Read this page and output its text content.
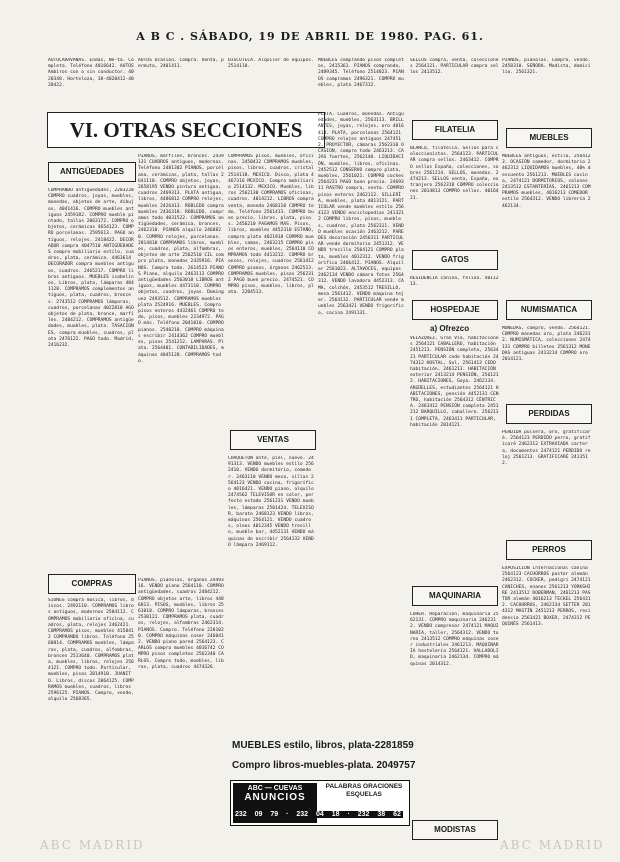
A B C . SÁBADO, 19 DE ABRIL DE 1980. PAG. 61.

AUTOCARAVANAS. Endas, Ne-ta. Completa. Teléfono 4016642. AUTOS Ambiros con o sin conductor. 4020348. Horteloza, 38-4020412-4020422.

AUTOS Ocasión. Compra. Venta, permuta, 2401411.

DISCOTECA. Alquiler de equipos. 2514110.

MUEBLES comprando pisos completos, 2415361. PIANOS comprando, 2489345. Teléfono 2514823. PIANOS compramos 2496321. COMPRO muebles, plata 2467312.

SELLOS compra, venta, colecciones 2564121. PARTICULAR compra sellos 2413512.

PIANOS, pianolas. Compro, vendo. 2458310. SEÑORA. Modista, domicilio. 2561321.

VI. OTRAS SECCIONES
ANTIGÜEDADES

COMPRANDO antigüedades, 2283228 COMPRO cuadros, joyas, muebles, monedas, objetos de arte, dibujos, 4041416. COMPRO muebles antiguos 2459182. COMPRO mueble pintado, tallas 2063172. COMPRO objetos, cerámicas 4654123. COMPRO porcelanas. 2595613. PAGO antiguos, relojes. 2418422. DECORADOR compra 4047510 ANTIGÜEDADES compro mobiliario estilo, cuadros, plata, cerámica. 4463614 DECORADOR compra muebles antiguos, cuadros. 2465217. COMPRO libros antiguos. MUEBLES isabelinos, Libros, plata, lámparas 4041128. COMPRAMOS complementos antiguos, plata, cuadros, bronces. 2743512 COMPRAMOS lámparas, cuadros, porcelanas 4022810 AGO objetos de plata, bronce, marfiles. 2484212. COMPRAMOS antigüedades, muebles, plata. TASACIONES, compra muebles, cuadros, plata 2476122. PAGO todo. Madrid, 2416232.

COMPRAS

SIONES compra música, libros, discos. 2492110. COMPRAMOS libros antiguos, modernos 2504112. COMPRAMOS mobiliario oficina, cuadros, plata, relojes 2462421. COMPRAMOS pisos, muebles 4150412 COMPRANDO libros. Teléfono 2560814. COMPRAMOS muebles, lámparas, plata, cuadros, alfombras, bronces 2513640. COMPRAMOS plata, muebles, libros, relojes 2564121. COMPRO todo. Particular, muebles, pisos 2014910. JUANITO. Libros, discos 2064125. COMPRAMOS muebles, cuadros, libros 2596125. PIANOS. Compro, vendo, alquilo 2568365.

PIANOS, marfiles, bronces. 2439131 CUADROS antiguos, modernos. Teléfono 2481302 PIANOS, porcelana, cerámicas, plata, tallas 2641110. COMPRO objetos, joyas, 2658195 VENDO pintura antigua, cuadros 2469313. PLATA antigua, libros, 4486812 COMPRO relojes, muebles 2426413. ROBLEDO compra muebles 2436318. ROBLEDO, compramos todo 4031522. COMPRAMOS antigüedades, cerámica, bronces, 2462310. PIANOS alquilo 2468820. COMPRO relojes, porcelanas. 2014810 COMPRAMOS libros, muebles, cuadros, plata, alfombras, objetos de arte 2562510 CIL compro plata, monedas 2435916. PIANOS. Compro todo. 2614523 PIANOS Piano, alquilo 2463113 COMPRO antigüedades 2563018 LIBROS antiguos, muebles 4473110. COMPRO objetos, cuadros, joyas. Dominguez 2493512. COMPRAMOS muebles plata 2524916. MUEBLES. Compro pisos enteros 4432461 COMPRO todo, pisos, muebles 2234972. PAGO más. Teléfono 2041010. COMPRO pianos. 2548210. COMPRO máquinas escribir 2414362 COMPRO muebles, pisos 2541212. LAMPARAS. Plata. 2564401. CONTABILIDADES, máquinas 4045128. COMPRAMOS todo.

PIANOS, pianolas, órganos 2449316. VENDO piano 2564110. COMPRO antigüedades, cuadros 2484212. COMPRO objetos arte, libros 4486813. PISOS, muebles, libros 2561018. COMPRO lámparas, bronces 2530121. COMPRAMOS plata, cuadros, relojes, alfombras 2462314. PIANOS. Compro. Teléfono 2201020. COMPRO máquinas coser 2460412. VENDO piano pared 2564123. CARLOS compra muebles 4016742 COMPRO pisos completos 2562340 CARLOS. Compro todo, muebles, libros, plata, cuadros 4474326.

COMPRAMOS pisos, muebles, oficinas. 2450412 COMPRAMOS muebles, pisos, libros, cuadros, cristal 2514118. MEXICO. Disco, plata 4467316 MEXICO. Compro mobiliario 2514132. MEXICO. Muebles, libros 2562130 COMPRAMOS oficinas, cuadros. 4014212. LIBROS compra venta, moneda 2468110 COMPRO todo. Teléfono 2561413. COMPRO buen precio, libros, plata, pisos. 2456210 PAGAMOS MAS. Pisos, libros, muebles 4452310 ESTAÑO, compro plata 4021918 COMPRO muebles, camas, 2463215 COMPRO pisos enteros, muebles, 2564110 COMPRAMOS todo 4413212. COMPRO bronces, relojes, cuadros 2561412 COMPRO pianos, órganos 2462513. COMPRAMOS muebles, pisos 2562312 PAGO buen precio. 2474521. COMPRO pisos, muebles, libros, plata. 2204513.

VENTAS

CHAQUETÓN ante, piel, nuevo. 2491313. VENDO muebles estilo 2562410. VENDO dormitorio, comedor. 2463110 VENDO mesa, sillas 2564123 VENDO cocina, frigorífico 4016421. VENDO piano, alquilo 2474562 TELEVISOR en color, perfecto estado 2561231 VENDO muebles, lámparas 2501424. TELEVISOR, barato 2468123 VENDO libros, máquinas 2564121. VENDO cuadros, oleos 4012345 VENDO tresillo, mueble bar, 4452131 VENDO máquinas de escribir 2564132 VENDO lámpara 2469112.

PLATA. Cuadros, monedas. Antigüedades, muebles, 2563113. BRILLANTES, joyas, relojes, oro 4016413. PLATA, porcelanas 2564121 COMPRO relojes antiguos 2474512. PROYECTOR, cámaras 2562310 OCASION, compro todo 2463213. CAJAS fuertes, 2562140. LIQUIDACIÓN, muebles, libros, oficinas. 2452512 CONSERVO compro plata, muebles, 2561021. COMPRO coches 2564231 PAGO buen precio. 2469311 RASTRO compra, venta. COMPRO pisos enteros 2462112. SILLERÍA, muebles, plata 4013121. PARTICULAR vende muebles estilo 2564123 VENDO enciclopedias 2413212 COMPRO libros, pisos, muebles, cuadros, plata 2562311. VENDO muebles ocasión 2463212. PAREDES decoración 2456311 PARTICULAR vende dormitorio 2451312. VENDO tresillo 2564121 COMPRO plata, muebles 4012312. VENDO frigorífico 2466412. PIANOS. Alquiler 2561023. ALTAVOCES, equipos 2462134 VENDO cámara fotos 2564312. VENDO lavadora 4452313. CAMA, colchón, 2453512 TRESILLO, mesa 2561412. VENDO máquina tejer. 2564132. PARTICULAR vende muebles 2563421 VENDO frigorífico, cocina 2491131.

MUEBLES estilo, libros, plata-2281859
Compro libros-muebles-plata. 2049757
ABC — CUEVAS
ANUNCIOS
PALABRAS ORACIONES ESQUELAS
232 09 79 · 232 04 18 · 232 38 62
FILATELIA

BLANCO, filatelia. Sellos para coleccionistas. 2564123. PARTICULAR compra sellos. 2463412. COMPRO sellos España, colecciones, sobres 2561214. SELLOS, monedas. 2474213. SELLOS venta, España, extranjero 2562318 COMPRO colecciones 2014813 COMPRO sellos. 4016421.

GATOS

RESIDENCIA canina, felina. 4011213.

HOSPEDAJE
a) Ofrezco

VELÁZQUEZ, Gran Vía, habitaciones 2564121 CABALLERO, habitación 2451213. PENSIÓN completa, 2563421 PARTICULAR cede habitación 2474312 HOSTAL, Sol, 2561413 CEDO habitación, 2461213. HABITACIÓN exterior 2413214 PENSIÓN, 2561212. HABITACIONES, Goya. 2462134. ARGÜELLES, estudiantes 2564121 HABITACIONES, pensión 4452131 CENTRO, habitación 2564312 CÉNTRICA. 2463412 PENSIÓN completa 2451212 BARQUILLO, caballero. 2562131 COMPLETA, 2463411 PARTICULAR, habitación 2014121.

MAQUINARIA

LOHER. Reparación, maquinaria 2562131. COMPRO maquinaria 2462312. VENDO compresor 2474121 MAQUINARIA, taller, 2564312. VENDO torno 2413512 COMPRO máquinas coser industriales 2461213. MAQUINARIA hostelería 2564121. VALLADOLID, maquinaria 2462134. COMPRO máquinas 2014312.

MODISTAS
MUEBLES

MUEBLES antiguos, estilo, 2564123. OCASIÓN comedor, dormitorio 2462312 LIQUIDAMOS muebles, 40% descuento 2561213. MUEBLES cocina, 2474121 DORMITORIOS, salones 2413512 ESTANTERÍAS, 2461213 COMPRAMOS muebles, 4016213 COMEDOR estilo 2564312. VENDO librería 2462134.

NUMISMATICA

MONEDAS, compro, vendo. 2564121. COMPRO monedas oro, plata 2462312. NUMISMÁTICA, colecciones 2474131 COMPRO billetes 2561312 MONEDAS antiguas 2413214 COMPRO oro 2014121.

PERDIDAS

PERDIDA pulsera, oro, gratificaré. 2564123 PERDIDO perro, gratificaré 2462312 EXTRAVIADA cartera, documentos 2474121 PERDIDO reloj 2561213. GRATIFICARÉ 2413512.

PERROS

EXPOSICIÓN internacional canina 2564123 CACHORROS pastor alemán 2462312. COCKER, pedigrí 2474121 CANICHES, enanos 2561213 YORKSHIRE 2413512 DOBERMAN, 2461213 PASTOR alemán 4016213 TECKEL 2564312. CACHORROS, 2462134 SETTER 2014312 MASTÍN 2451213 PERROS, residencia 2563421 BOXER, 2474312 PEQUINÉS 2561413.

ABC MADRID	ABC MADRID
